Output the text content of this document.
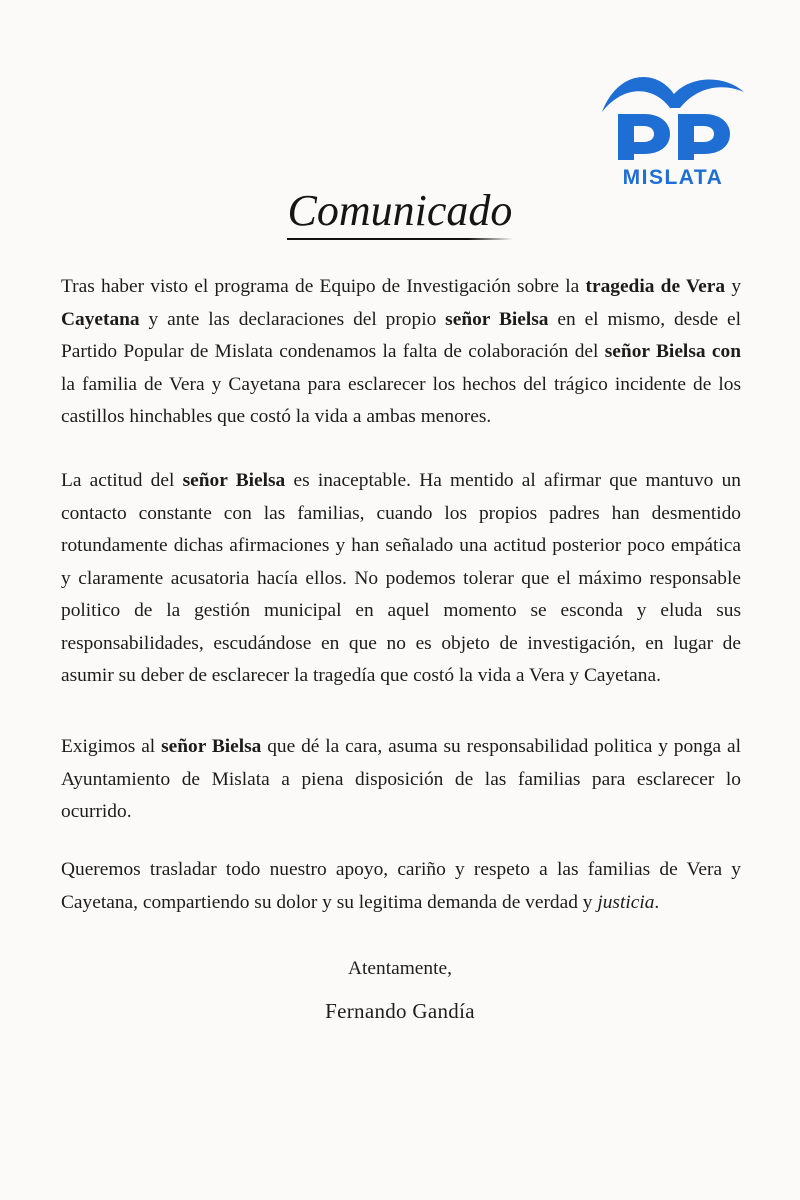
MISLATA
Comunicado

Tras haber visto el programa de Equipo de Investigación sobre la tragedia de Vera y Cayetana y ante las declaraciones del propio señor Bielsa en el mismo, desde el Partido Popular de Mislata condenamos la falta de colaboración del señor Bielsa con la familia de Vera y Cayetana para esclarecer los hechos del trágico incidente de los castillos hinchables que costó la vida a ambas menores.

La actitud del señor Bielsa es inaceptable. Ha mentido al afirmar que mantuvo un contacto constante con las familias, cuando los propios padres han desmentido rotundamente dichas afirmaciones y han señalado una actitud posterior poco empática y claramente acusatoria hacía ellos. No podemos tolerar que el máximo responsable politico de la gestión municipal en aquel momento se esconda y eluda sus responsabilidades, escudándose en que no es objeto de investigación, en lugar de asumir su deber de esclarecer la tragedía que costó la vida a Vera y Cayetana.

Exigimos al señor Bielsa que dé la cara, asuma su responsabilidad politica y ponga al Ayuntamiento de Mislata a piena disposición de las familias para esclarecer lo ocurrido.

Queremos trasladar todo nuestro apoyo, cariño y respeto a las familias de Vera y Cayetana, compartiendo su dolor y su legitima demanda de verdad y justicia.

Atentamente,
Fernando Gandía
